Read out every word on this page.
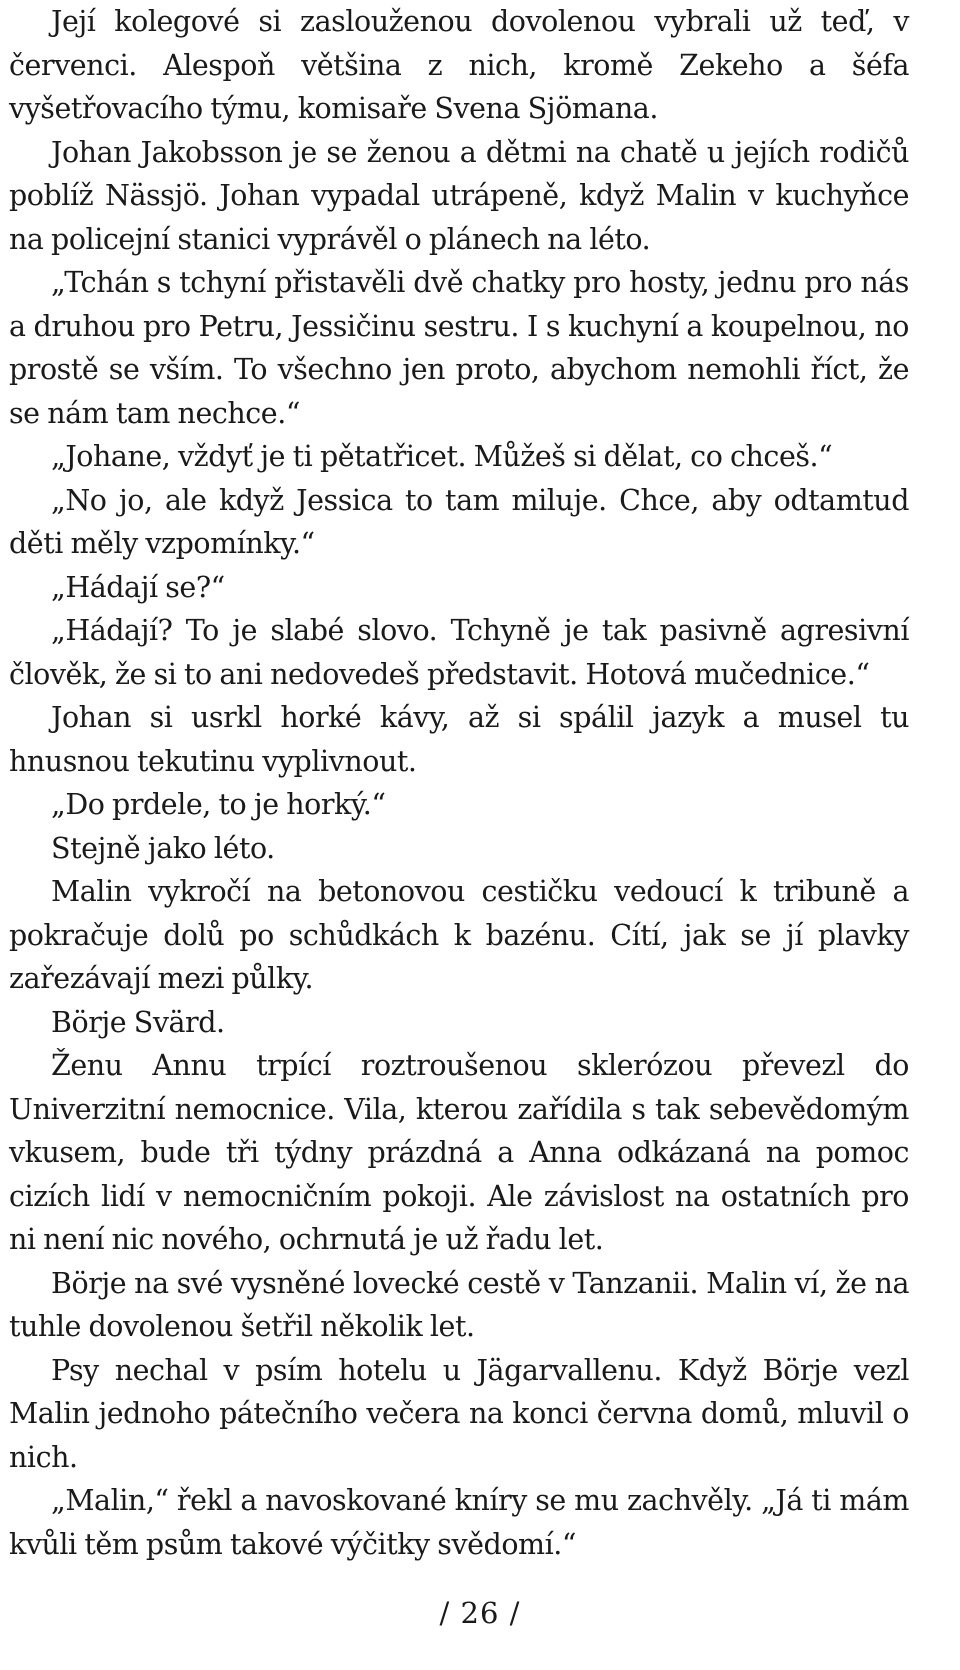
Její kolegové si zaslouženou dovolenou vybrali už teď, v červenci. Alespoň většina z nich, kromě Zekeho a šéfa vyšetřovacího týmu, komisaře Svena Sjömana.

Johan Jakobsson je se ženou a dětmi na chatě u jejích rodičů poblíž Nässjö. Johan vypadal utrápeně, když Malin v kuchyňce na policejní stanici vyprávěl o plánech na léto.

„Tchán s tchyní přistavěli dvě chatky pro hosty, jednu pro nás a druhou pro Petru, Jessičinu sestru. I s kuchyní a koupelnou, no prostě se vším. To všechno jen proto, abychom nemohli říct, že se nám tam nechce.“

„Johane, vždyť je ti pětatřicet. Můžeš si dělat, co chceš.“

„No jo, ale když Jessica to tam miluje. Chce, aby odtamtud děti měly vzpomínky.“

„Hádají se?“

„Hádají? To je slabé slovo. Tchyně je tak pasivně agresivní člověk, že si to ani nedovedeš představit. Hotová mučednice.“

Johan si usrkl horké kávy, až si spálil jazyk a musel tu hnusnou tekutinu vyplivnout.

„Do prdele, to je horký.“

Stejně jako léto.

Malin vykročí na betonovou cestičku vedoucí k tribuně a pokračuje dolů po schůdkách k bazénu. Cítí, jak se jí plavky zařezávají mezi půlky.

Börje Svärd.

Ženu Annu trpící roztroušenou sklerózou převezl do Univerzitní nemocnice. Vila, kterou zařídila s tak sebevědomým vkusem, bude tři týdny prázdná a Anna odkázaná na pomoc cizích lidí v nemocničním pokoji. Ale závislost na ostatních pro ni není nic nového, ochrnutá je už řadu let.

Börje na své vysněné lovecké cestě v Tanzanii. Malin ví, že na tuhle dovolenou šetřil několik let.

Psy nechal v psím hotelu u Jägarvallenu. Když Börje vezl Malin jednoho pátečního večera na konci června domů, mluvil o nich.

„Malin,“ řekl a navoskované kníry se mu zachvěly. „Já ti mám kvůli těm psům takové výčitky svědomí.“

/ 26 /
